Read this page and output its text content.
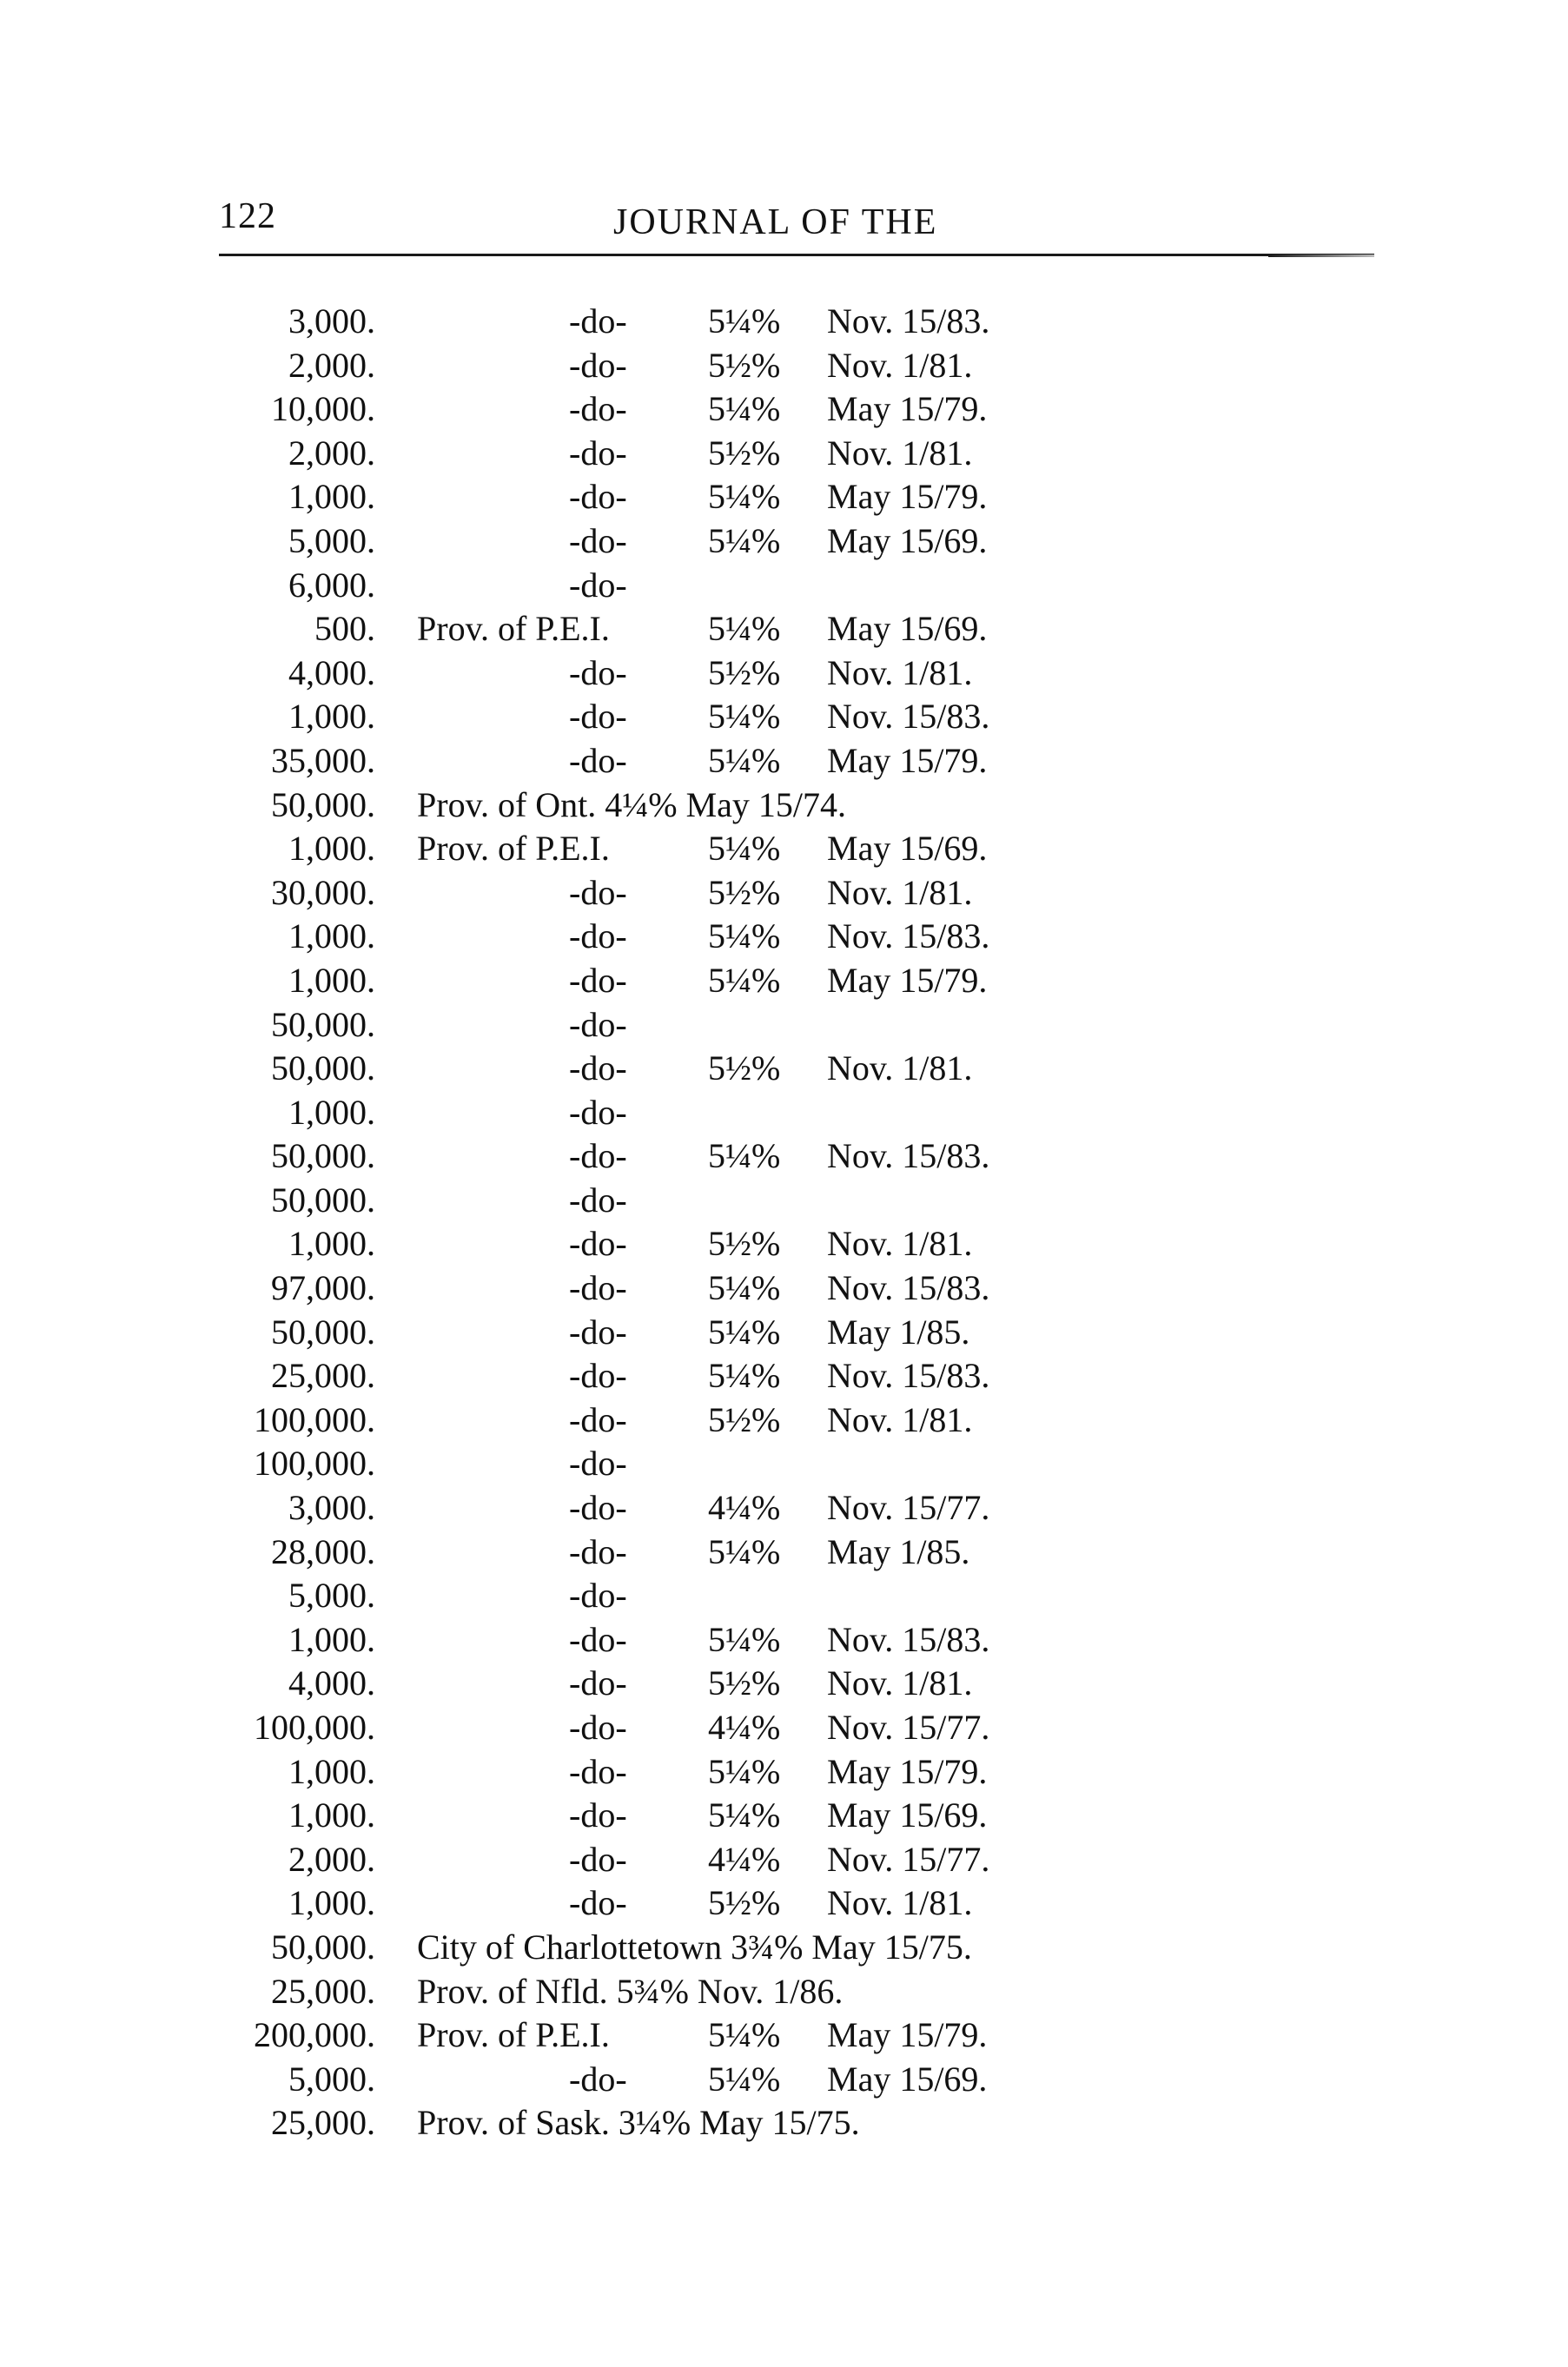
122	JOURNAL OF THE
3,000.	-do- 5¼% Nov. 15/83.
2,000.	-do- 5½% Nov. 1/81.
10,000.	-do- 5¼% May 15/79.
2,000.	-do- 5½% Nov. 1/81.
1,000.	-do- 5¼% May 15/79.
5,000.	-do- 5¼% May 15/69.
6,000.	-do-
500. Prov. of P.E.I.	5¼% May 15/69.
4,000.	-do- 5½% Nov. 1/81.
1,000.	-do- 5¼% Nov. 15/83.
35,000.	-do- 5¼% May 15/79.
50,000. Prov. of Ont. 4¼% May 15/74.
1,000. Prov. of P.E.I.	5¼% May 15/69.
30,000.	-do- 5½% Nov. 1/81.
1,000.	-do- 5¼% Nov. 15/83.
1,000.	-do- 5¼% May 15/79.
50,000.	-do-
50,000.	-do- 5½% Nov. 1/81.
1,000.	-do-
50,000.	-do- 5¼% Nov. 15/83.
50,000.	-do-
1,000.	-do- 5½% Nov. 1/81.
97,000.	-do- 5¼% Nov. 15/83.
50,000.	-do- 5¼% May 1/85.
25,000.	-do- 5¼% Nov. 15/83.
100,000.	-do- 5½% Nov. 1/81.
100,000.	-do-
3,000.	-do- 4¼% Nov. 15/77.
28,000.	-do- 5¼% May 1/85.
5,000.	-do-
1,000.	-do- 5¼% Nov. 15/83.
4,000.	-do- 5½% Nov. 1/81.
100,000.	-do- 4¼% Nov. 15/77.
1,000.	-do- 5¼% May 15/79.
1,000.	-do- 5¼% May 15/69.
2,000.	-do- 4¼% Nov. 15/77.
1,000.	-do- 5½% Nov. 1/81.
50,000. City of Charlottetown 3¾% May 15/75.
25,000. Prov. of Nfld. 5¾% Nov. 1/86.
200,000. Prov. of P.E.I.	5¼% May 15/79.
5,000.	-do- 5¼% May 15/69.
25,000. Prov. of Sask. 3¼% May 15/75.
